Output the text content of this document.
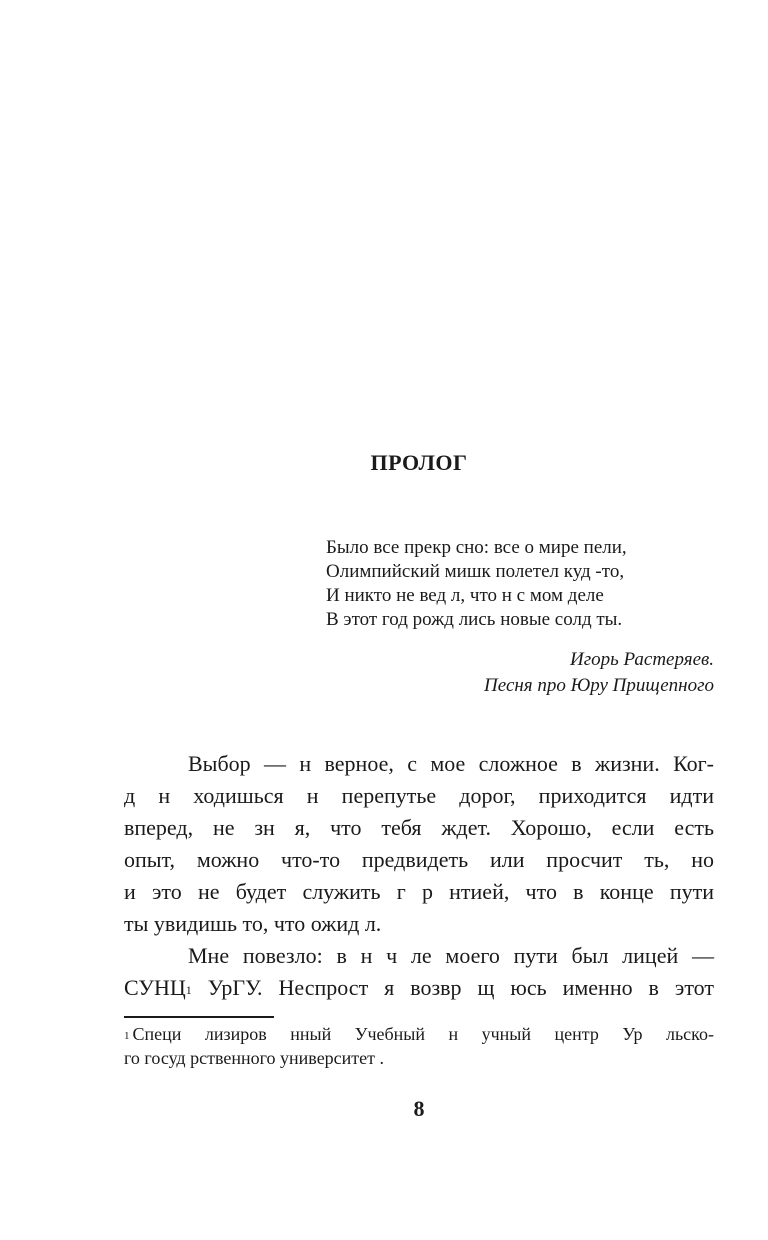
ПРОЛОГ
Было все прекр сно: все о мире пели,
Олимпийский мишк полетел куд -то,
И никто не вед л, что н с мом деле
В этот год рожд лись новые солд ты.
Игорь Растеряев.
Песня про Юру Прищепного
Выбор — н верное, с мое сложное в жизни. Ког-
д н ходишься н перепутье дорог, приходится идти
вперед, не зн я, что тебя ждет. Хорошо, если есть
опыт, можно что-то предвидеть или просчит ть, но
и это не будет служить г р нтией, что в конце пути
ты увидишь то, что ожид л.
Мне повезло: в н ч ле моего пути был лицей —
СУНЦ$^1$ УрГУ. Неспрост я возвр щ юсь именно в этот
$^1$ Специ лизиров нный Учебный н учный центр Ур льско-
го госуд рственного университет .
8
